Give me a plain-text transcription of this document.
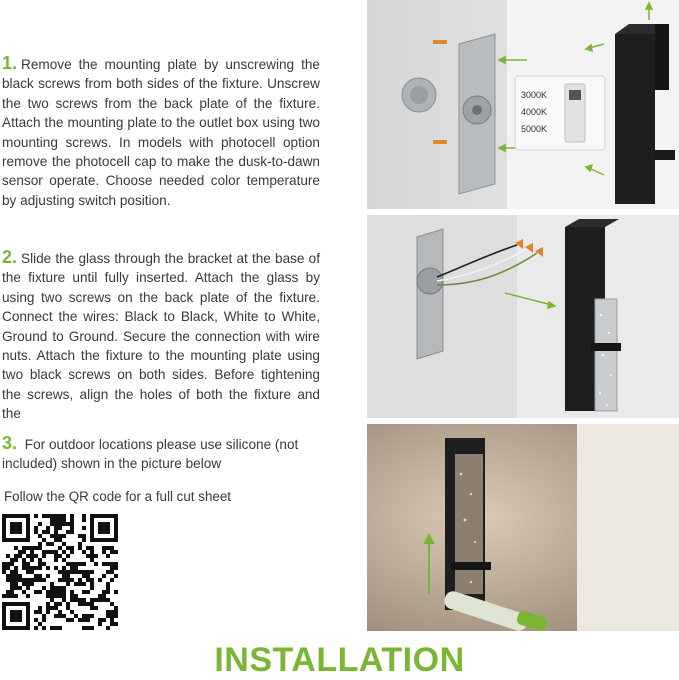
1. Remove the mounting plate by unscrewing the black screws from both sides of the fixture. Unscrew the two screws from the back plate of the fixture. Attach the mounting plate to the outlet box using two mounting screws. In models with photocell option remove the photocell cap to make the dusk-to-dawn sensor operate. Choose needed color temperature by adjusting switch position.
2. Slide the glass through the bracket at the base of the fixture until fully inserted. Attach the glass by using two screws on the back plate of the fixture. Connect the wires: Black to Black, White to White, Ground to Ground. Secure the connection with wire nuts. Attach the fixture to the mounting plate using two black screws on both sides. Before tightening the screws, align the holes of both the fixture and the
3. For outdoor locations please use silicone (not included) shown in the picture below
Follow the QR code for a full cut sheet
INSTALLATION
3000K
4000K
5000K
